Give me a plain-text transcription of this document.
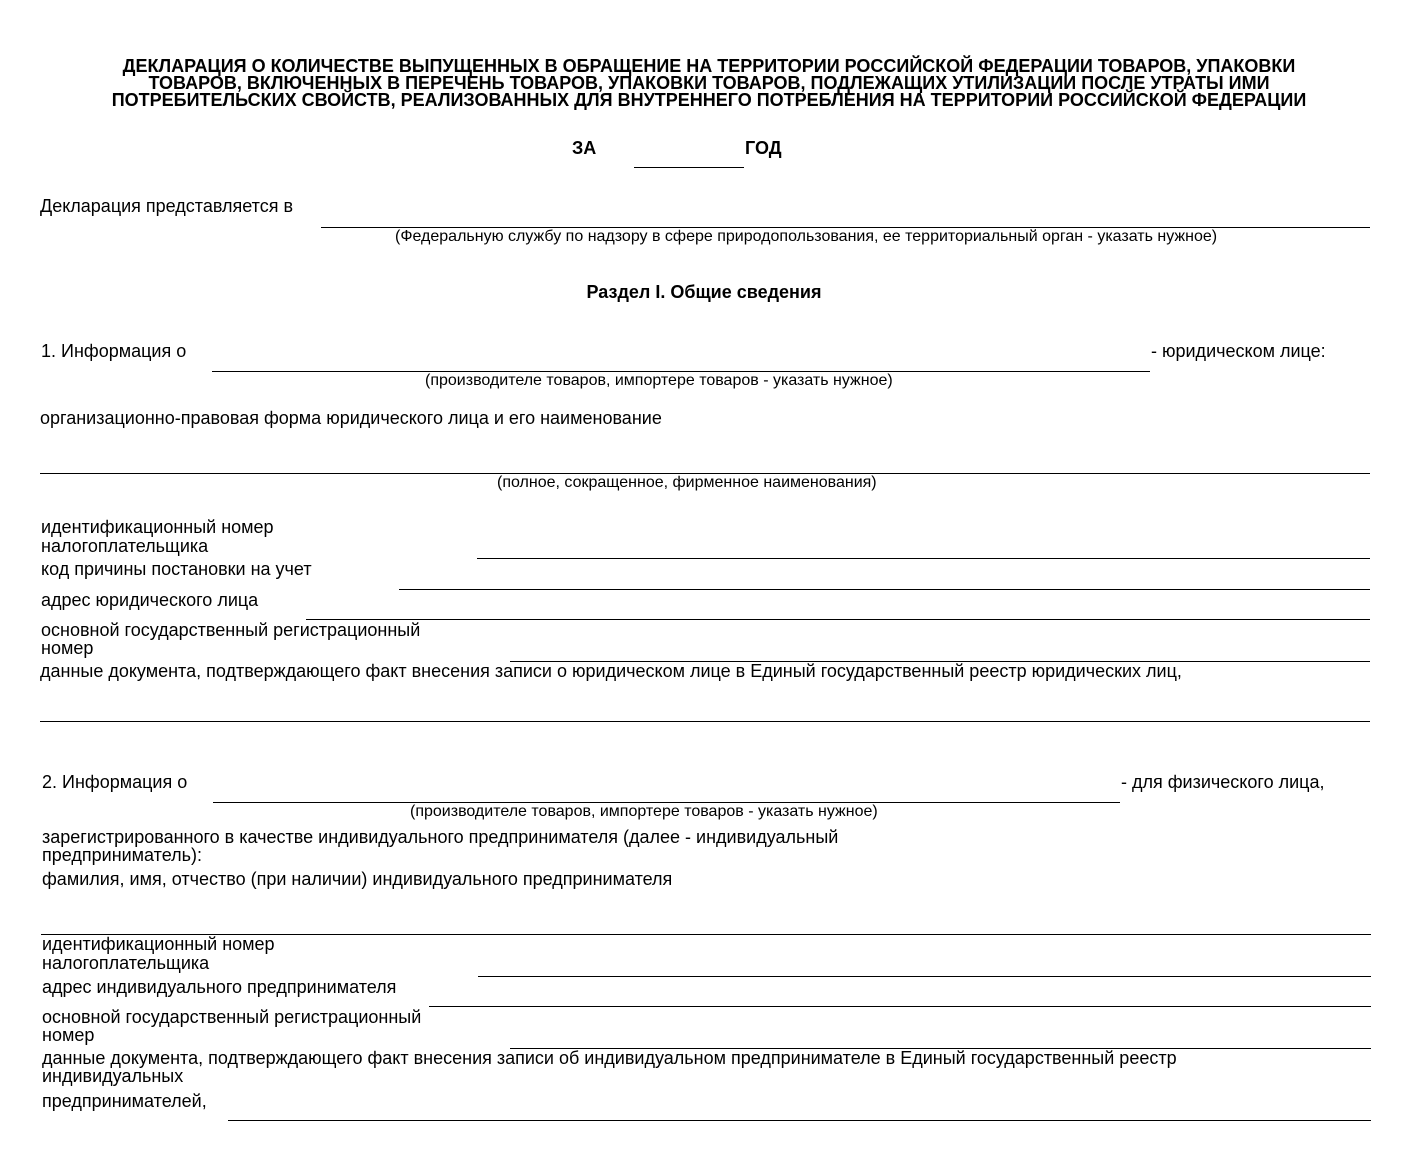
ДЕКЛАРАЦИЯ О КОЛИЧЕСТВЕ ВЫПУЩЕННЫХ В ОБРАЩЕНИЕ НА ТЕРРИТОРИИ РОССИЙСКОЙ ФЕДЕРАЦИИ ТОВАРОВ, УПАКОВКИ
ТОВАРОВ, ВКЛЮЧЕННЫХ В ПЕРЕЧЕНЬ ТОВАРОВ, УПАКОВКИ ТОВАРОВ, ПОДЛЕЖАЩИХ УТИЛИЗАЦИИ ПОСЛЕ УТРАТЫ ИМИ
ПОТРЕБИТЕЛЬСКИХ СВОЙСТВ, РЕАЛИЗОВАННЫХ ДЛЯ ВНУТРЕННЕГО ПОТРЕБЛЕНИЯ НА ТЕРРИТОРИИ РОССИЙСКОЙ ФЕДЕРАЦИИ
ЗА	ГОД
Декларация представляется в
(Федеральную службу по надзору в сфере природопользования, ее территориальный орган - указать нужное)
Раздел I. Общие сведения
1. Информация о	- юридическом лице:
(производителе товаров, импортере товаров - указать нужное)
организационно-правовая форма юридического лица и его наименование
(полное, сокращенное, фирменное наименования)
идентификационный номер
налогоплательщика
код причины постановки на учет
адрес юридического лица
основной государственный регистрационный
номер
данные документа, подтверждающего факт внесения записи о юридическом лице в Единый государственный реестр юридических лиц,
2. Информация о	- для физического лица,
(производителе товаров, импортере товаров - указать нужное)
зарегистрированного в качестве индивидуального предпринимателя (далее - индивидуальный
предприниматель):
фамилия, имя, отчество (при наличии) индивидуального предпринимателя
идентификационный номер
налогоплательщика
адрес индивидуального предпринимателя
основной государственный регистрационный
номер
данные документа, подтверждающего факт внесения записи об индивидуальном предпринимателе в Единый государственный реестр
индивидуальных
предпринимателей,
